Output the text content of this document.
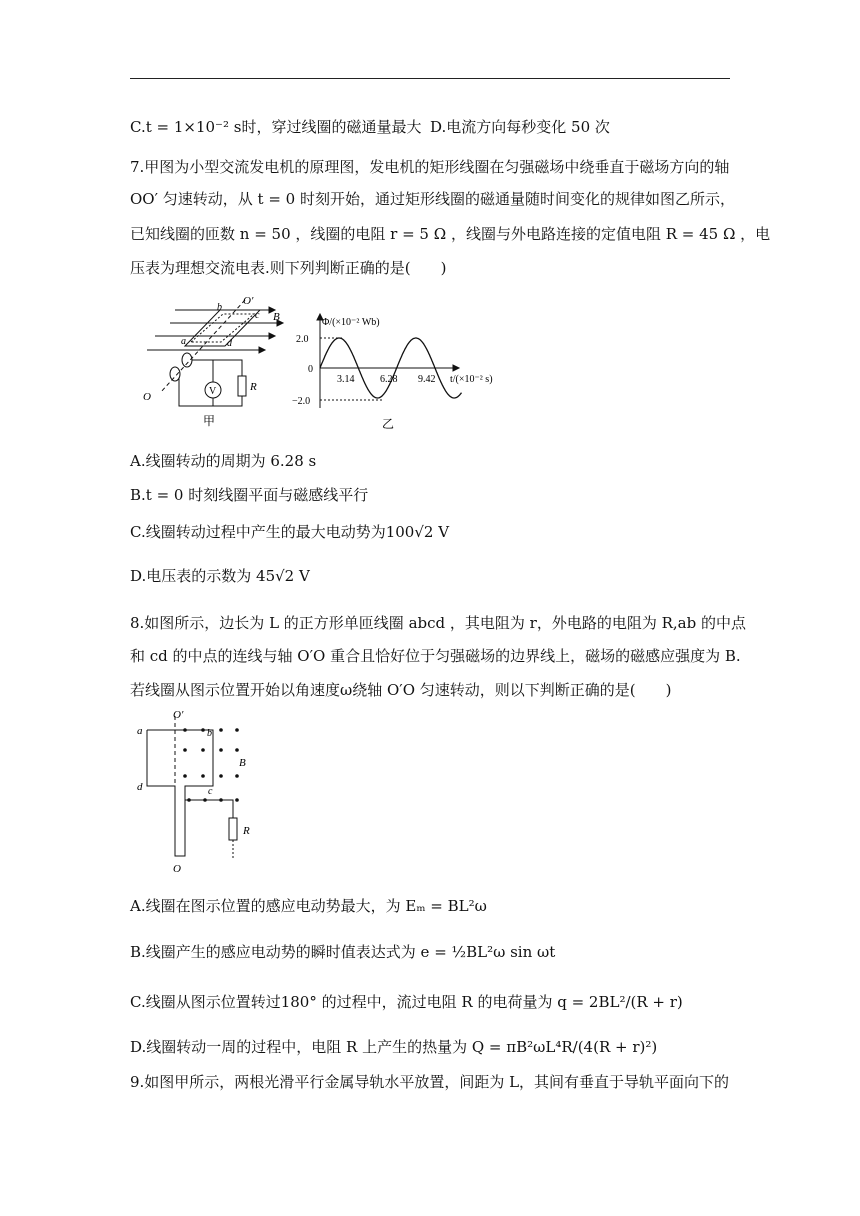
C.t = 1×10⁻² s时，穿过线圈的磁通量最大 D.电流方向每秒变化 50 次
7.甲图为小型交流发电机的原理图，发电机的矩形线圈在匀强磁场中绕垂直于磁场方向的轴
OO′ 匀速转动，从 t = 0 时刻开始，通过矩形线圈的磁通量随时间变化的规律如图乙所示，
已知线圈的匝数 n = 50 ，线圈的电阻 r = 5 Ω ，线圈与外电路连接的定值电阻 R = 45 Ω ，电
压表为理想交流电表.则下列判断正确的是(　　)
O′
b
c B
a	d
V	R
O
甲
Φ/(×10⁻² Wb)
2.0
0
−2.0
3.14	6.28 9.42 t/(×10⁻² s)
乙
A.线圈转动的周期为 6.28 s
B.t = 0 时刻线圈平面与磁感线平行
C.线圈转动过程中产生的最大电动势为100√2 V
D.电压表的示数为 45√2 V
8.如图所示，边长为 L 的正方形单匝线圈 abcd ，其电阻为 r，外电路的电阻为 R,ab 的中点
和 cd 的中点的连线与轴 O′O 重合且恰好位于匀强磁场的边界线上，磁场的磁感应强度为 B.
若线圈从图示位置开始以角速度ω绕轴 O′O 匀速转动，则以下判断正确的是(　　)
O′
a	b
B
d	c
R
O
A.线圈在图示位置的感应电动势最大，为 Eₘ = BL²ω
B.线圈产生的感应电动势的瞬时值表达式为 e = ½BL²ω sin ωt
C.线圈从图示位置转过180° 的过程中，流过电阻 R 的电荷量为 q = 2BL²/(R + r)
D.线圈转动一周的过程中，电阻 R 上产生的热量为 Q = πB²ωL⁴R/(4(R + r)²)
9.如图甲所示，两根光滑平行金属导轨水平放置，间距为 L，其间有垂直于导轨平面向下的
